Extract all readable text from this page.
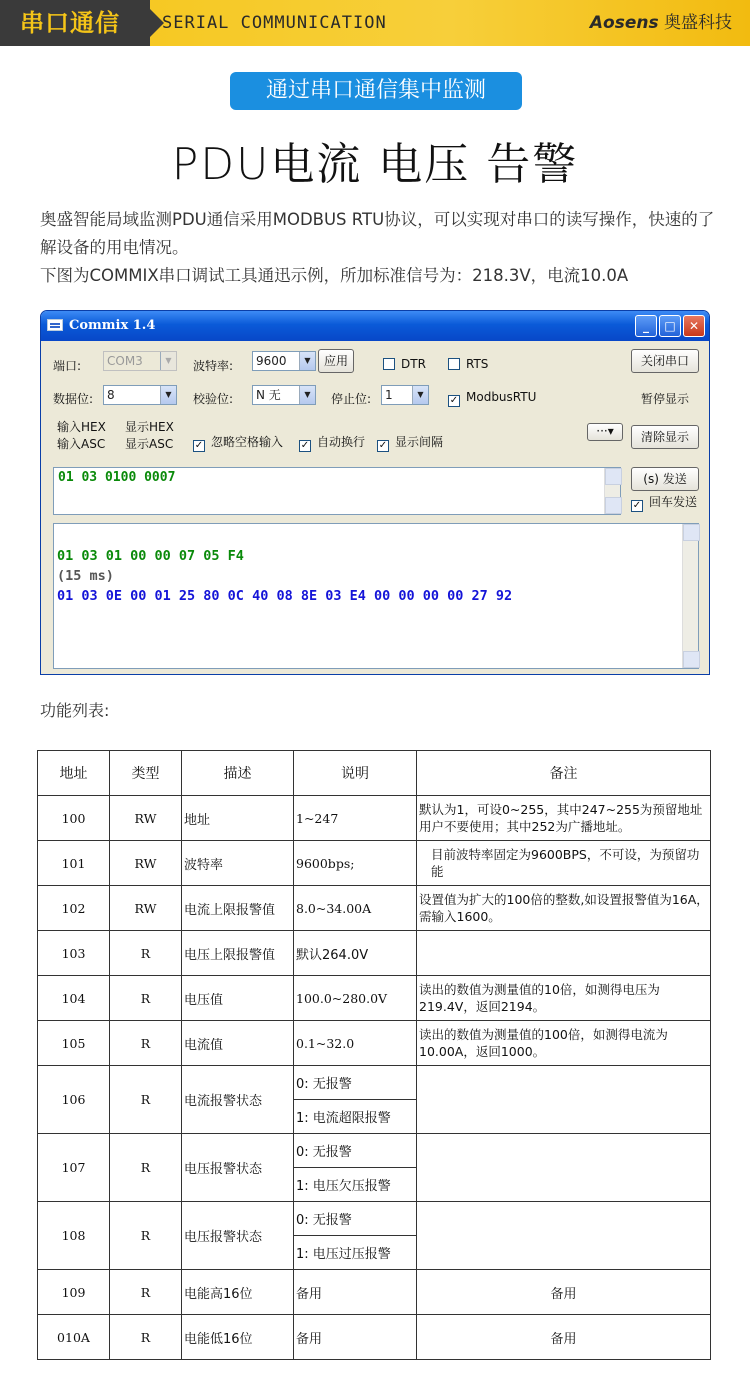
串口通信	SERIAL COMMUNICATION	Aosens 奥盛科技
通过串口通信集中监测
PDU电流 电压 告警

奥盛智能局域监测PDU通信采用MODBUS RTU协议，可以实现对串口的读写操作，快速的了解设备的用电情况。

下图为COMMIX串口调试工具通迅示例，所加标准信号为：218.3V，电流10.0A

Commix 1.4	_	□	✕
端口:	COM3	▼	波特率:	9600	▼	应用	DTR	RTS	关闭串口
数据位:	8	▼	校验位:	N 无	▼	停止位:	1	▼
✓ ModbusRTU	暂停显示
输入HEX	显示HEX
输入ASC	显示ASC	✓ 忽略空格输入 ✓ 自动换行 ✓ 显示间隔
···▾	清除显示
01 03 0100 0007	(s) 发送
✓ 回车发送
01 03 01 00 00 07 05 F4
(15 ms)
01 03 0E 00 01 25 80 0C 40 08 8E 03 E4 00 00 00 00 27 92
功能列表:
地址	类型	描述	说明	备注
100	RW	地址	1~247	默认为1，可设0~255，其中247~255为预留地址用户不要使用；其中252为广播地址。
101	RW	波特率	9600bps;	目前波特率固定为9600BPS，不可设，为预留功能
102	RW	电流上限报警值	8.0~34.00A	设置值为扩大的100倍的整数,如设置报警值为16A，需输入1600。
103	R	电压上限报警值	默认264.0V	
104	R	电压值	100.0~280.0V	读出的数值为测量值的10倍，如测得电压为219.4V，返回2194。
105	R	电流值	0.1~32.0	读出的数值为测量值的100倍，如测得电流为10.00A，返回1000。
106	R	电流报警状态	0: 无报警	
			1: 电流超限报警	
107	R	电压报警状态	0: 无报警	
			1: 电压欠压报警	
108	R	电压报警状态	0: 无报警	
			1: 电压过压报警	
109	R	电能高16位	备用	备用
010A	R	电能低16位	备用	备用
